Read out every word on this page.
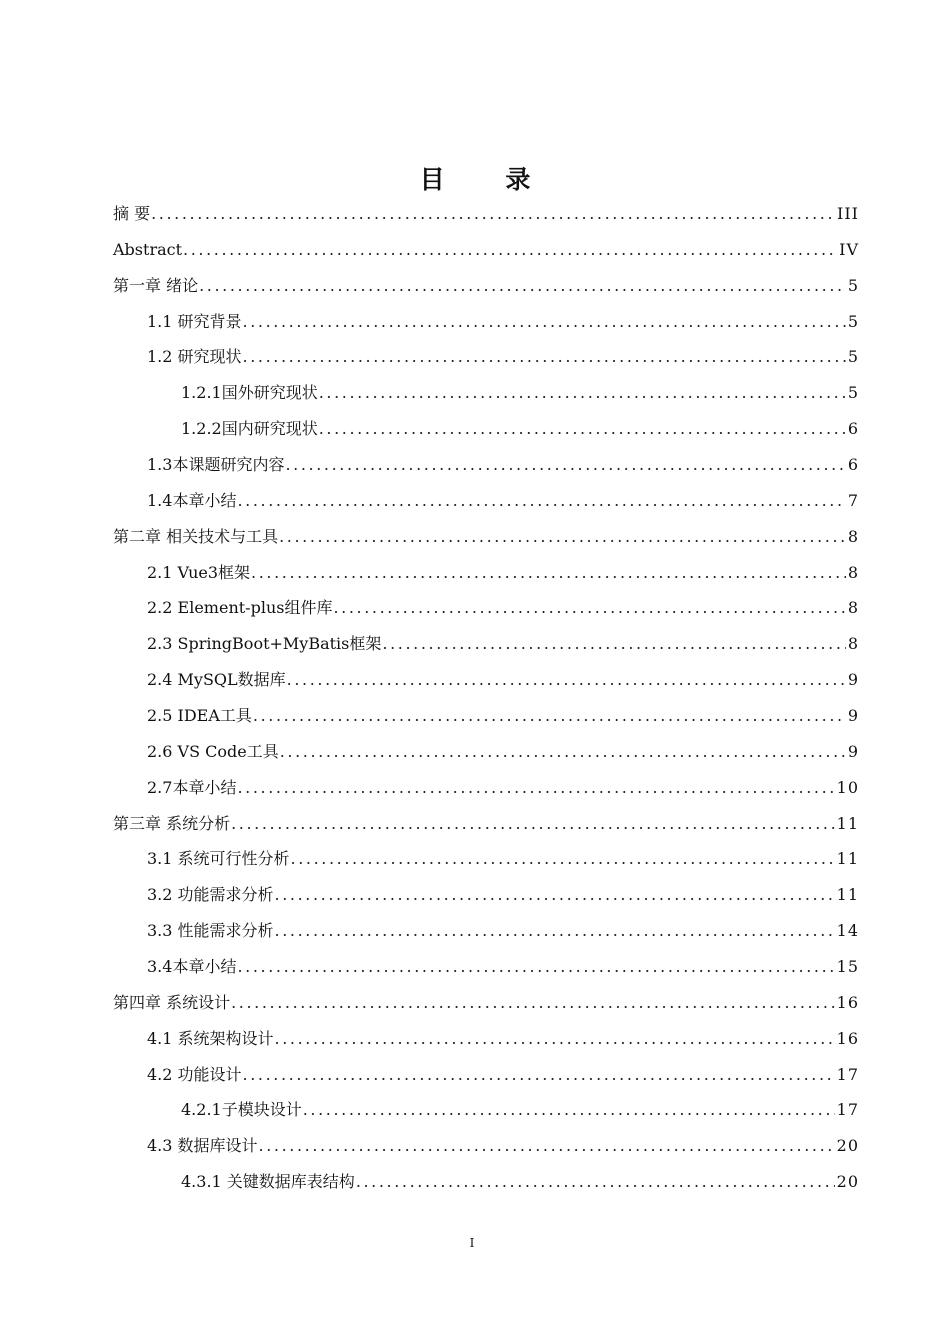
目 录
摘 要 .....	III
Abstract .....	IV
第一章 绪论 .....	5
1.1 研究背景 .....	5
1.2 研究现状 .....	5
1.2.1国外研究现状 .....	5
1.2.2国内研究现状 .....	6
1.3本课题研究内容 .....	6
1.4本章小结 .....	7
第二章 相关技术与工具 .....	8
2.1 Vue3框架 .....	8
2.2 Element-plus组件库 .....	8
2.3 SpringBoot+MyBatis框架 .....	8
2.4 MySQL数据库 .....	9
2.5 IDEA工具 .....	9
2.6 VS Code工具 .....	9
2.7本章小结 .....	10
第三章 系统分析 .....	11
3.1 系统可行性分析 .....	11
3.2 功能需求分析 .....	11
3.3 性能需求分析 .....	14
3.4本章小结 .....	15
第四章 系统设计 .....	16
4.1 系统架构设计 .....	16
4.2 功能设计 .....	17
4.2.1子模块设计 .....	17
4.3 数据库设计 .....	20
4.3.1 关键数据库表结构 .....	20
I
